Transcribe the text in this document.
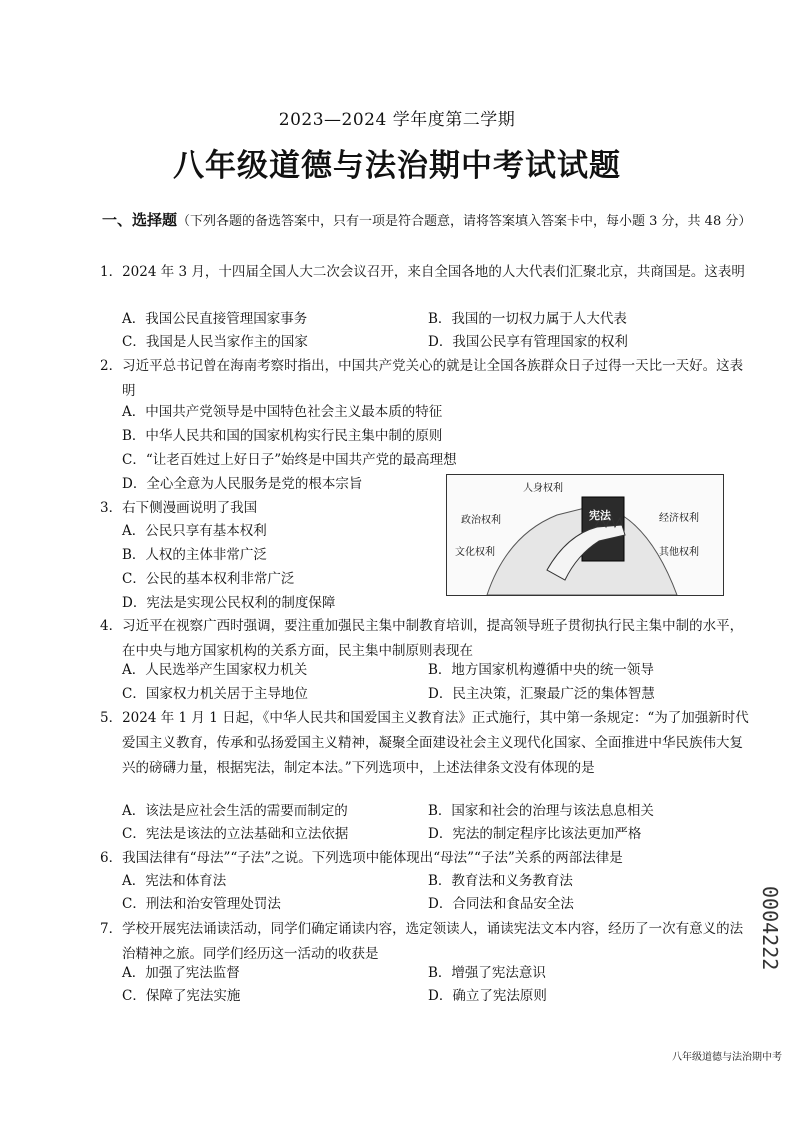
2023—2024 学年度第二学期
八年级道德与法治期中考试试题
一、选择题（下列各题的备选答案中，只有一项是符合题意，请将答案填入答案卡中，每小题 3 分，共 48 分）

1．2024 年 3 月，十四届全国人大二次会议召开，来自全国各地的人大代表们汇聚北京，共商国是。这表明

A．我国公民直接管理国家事务	B．我国的一切权力属于人大代表
C．我国是人民当家作主的国家	D．我国公民享有管理国家的权利

2．习近平总书记曾在海南考察时指出，中国共产党关心的就是让全国各族群众日子过得一天比一天好。这表明

A．中国共产党领导是中国特色社会主义最本质的特征
B．中华人民共和国的国家机构实行民主集中制的原则
C．“让老百姓过上好日子”始终是中国共产党的最高理想
D．全心全意为人民服务是党的根本宗旨

3．右下侧漫画说明了我国

A．公民只享有基本权利
B．人权的主体非常广泛
C．公民的基本权利非常广泛
D．宪法是实现公民权利的制度保障
宪法
人身权利
政治权利	经济权利
文化权利	其他权利

4．习近平在视察广西时强调，要注重加强民主集中制教育培训，提高领导班子贯彻执行民主集中制的水平，在中央与地方国家机构的关系方面，民主集中制原则表现在

A．人民选举产生国家权力机关	B．地方国家机构遵循中央的统一领导
C．国家权力机关居于主导地位	D．民主决策，汇聚最广泛的集体智慧

5．2024 年 1 月 1 日起，《中华人民共和国爱国主义教育法》正式施行，其中第一条规定：“为了加强新时代爱国主义教育，传承和弘扬爱国主义精神，凝聚全面建设社会主义现代化国家、全面推进中华民族伟大复兴的磅礴力量，根据宪法，制定本法。”下列选项中，上述法律条文没有体现的是

A．该法是应社会生活的需要而制定的	B．国家和社会的治理与该法息息相关
C．宪法是该法的立法基础和立法依据	D．宪法的制定程序比该法更加严格

6．我国法律有“母法”“子法”之说。下列选项中能体现出“母法”“子法”关系的两部法律是

A．宪法和体育法	B．教育法和义务教育法
C．刑法和治安管理处罚法	D．合同法和食品安全法

7．学校开展宪法诵读活动，同学们确定诵读内容，选定领读人，诵读宪法文本内容，经历了一次有意义的法治精神之旅。同学们经历这一活动的收获是

A．加强了宪法监督	B．增强了宪法意识
C．保障了宪法实施	D．确立了宪法原则
0004222
八年级道德与法治期中考
